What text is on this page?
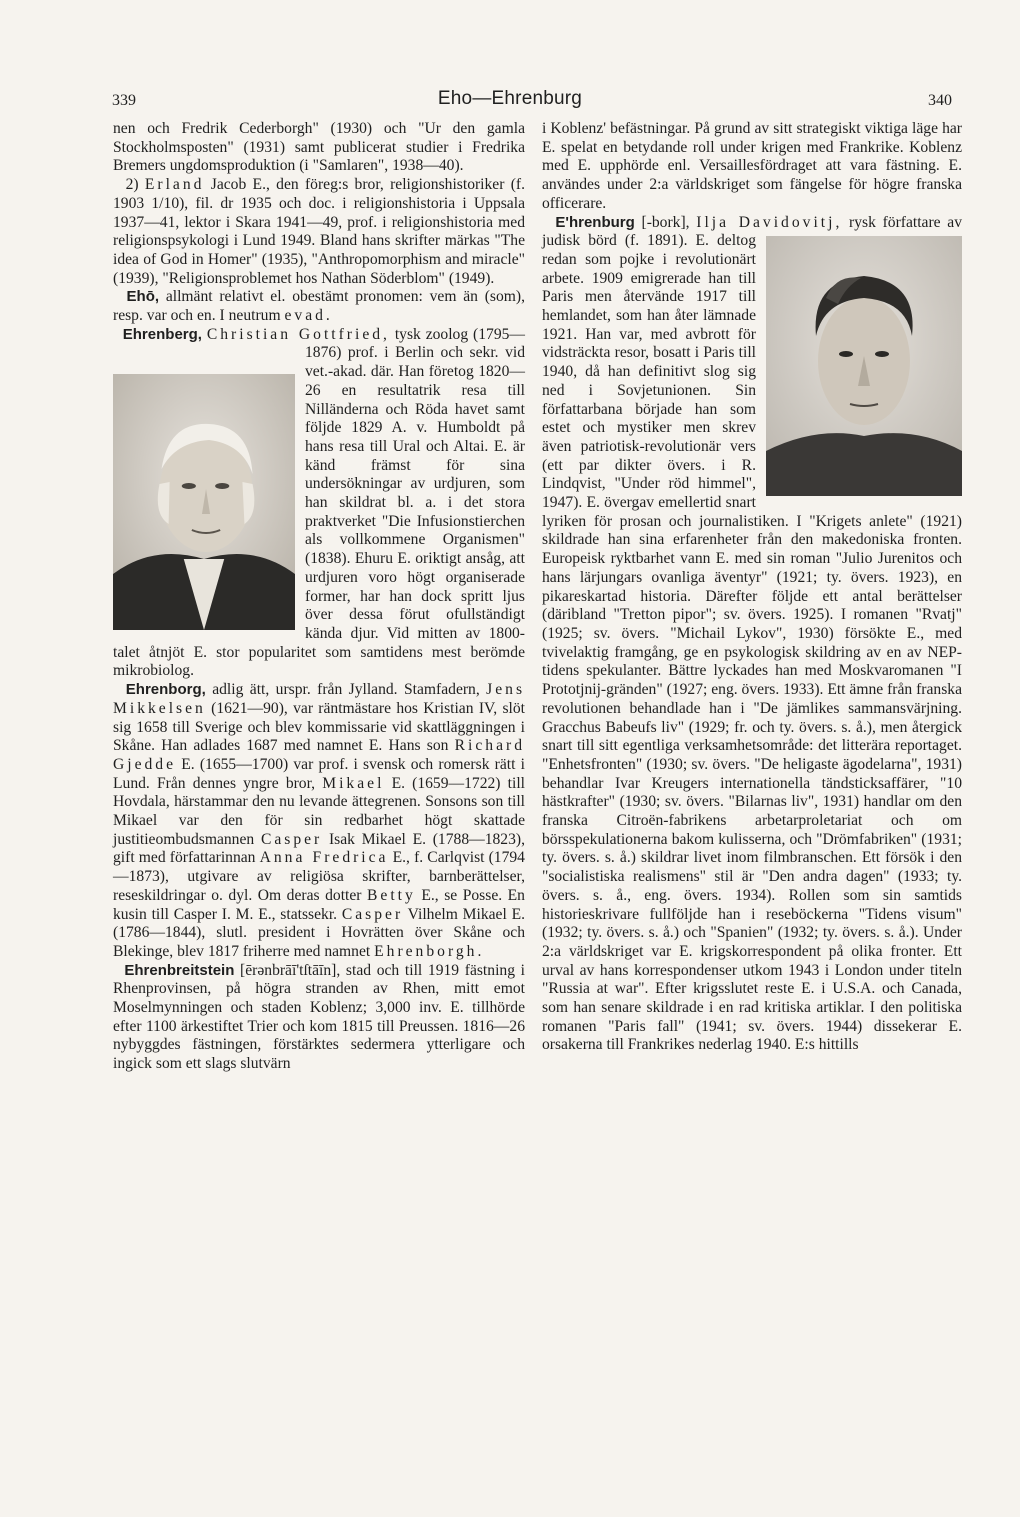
339	Eho—Ehrenburg	340

nen och Fredrik Cederborgh" (1930) och "Ur den gamla Stockholmsposten" (1931) samt publicerat studier i Fredrika Bremers ungdomsproduktion (i "Samlaren", 1938—40).

2) Erland Jacob E., den föreg:s bror, religionshistoriker (f. 1903 1/10), fil. dr 1935 och doc. i religionshistoria i Uppsala 1937—41, lektor i Skara 1941—49, prof. i religionshistoria med religionspsykologi i Lund 1949. Bland hans skrifter märkas "The idea of God in Homer" (1935), "Anthropomorphism and miracle" (1939), "Religionsproblemet hos Nathan Söderblom" (1949).

Ehō, allmänt relativt el. obestämt pronomen: vem än (som), resp. var och en. I neutrum evad.

Ehrenberg, Christian Gottfried, tysk zoolog (1795—1876) prof. i Berlin och sekr. vid vet.-akad. där. Han företog 1820—26 en resultatrik resa till Nilländerna och Röda havet samt följde 1829 A. v. Humboldt på hans resa till Ural och Altai. E. är känd främst för sina undersökningar av urdjuren, som han skildrat bl. a. i det stora praktverket "Die Infusionstierchen als vollkommene Organismen" (1838). Ehuru E. oriktigt ansåg, att urdjuren voro högt organiserade former, har han dock spritt ljus över dessa förut ofullständigt kända djur. Vid mitten av 1800-talet åtnjöt E. stor popularitet som samtidens mest berömde mikrobiolog.

Ehrenborg, adlig ätt, urspr. från Jylland. Stamfadern, Jens Mikkelsen (1621—90), var räntmästare hos Kristian IV, slöt sig 1658 till Sverige och blev kommissarie vid skattläggningen i Skåne. Han adlades 1687 med namnet E. Hans son Richard Gjedde E. (1655—1700) var prof. i svensk och romersk rätt i Lund. Från dennes yngre bror, Mikael E. (1659—1722) till Hovdala, härstammar den nu levande ättegrenen. Sonsons son till Mikael var den för sin redbarhet högt skattade justitieombudsmannen Casper Isak Mikael E. (1788—1823), gift med författarinnan Anna Fredrica E., f. Carlqvist (1794—1873), utgivare av religiösa skrifter, barnberättelser, reseskildringar o. dyl. Om deras dotter Betty E., se Posse. En kusin till Casper I. M. E., statssekr. Casper Vilhelm Mikael E. (1786—1844), slutl. president i Hovrätten över Skåne och Blekinge, blev 1817 friherre med namnet Ehrenborgh.

Ehrenbreitstein [ērənbrāī'tſtāīn], stad och till 1919 fästning i Rhenprovinsen, på högra stranden av Rhen, mitt emot Moselmynningen och staden Koblenz; 3,000 inv. E. tillhörde efter 1100 ärkestiftet Trier och kom 1815 till Preussen. 1816—26 nybyggdes fästningen, förstärktes sedermera ytterligare och ingick som ett slags slutvärn

i Koblenz' befästningar. På grund av sitt strategiskt viktiga läge har E. spelat en betydande roll under krigen med Frankrike. Koblenz med E. upphörde enl. Versaillesfördraget att vara fästning. E. användes under 2:a världskriget som fängelse för högre franska officerare.

E'hrenburg [-bork], Ilja Davidovitj, rysk författare av judisk börd (f. 1891). E. deltog redan som pojke i revolutionärt arbete. 1909 emigrerade han till Paris men återvände 1917 till hemlandet, som han åter lämnade 1921. Han var, med avbrott för vidsträckta resor, bosatt i Paris till 1940, då han definitivt slog sig ned i Sovjetunionen. Sin författarbana började han som estet och mystiker men skrev även patriotisk-revolutionär vers (ett par dikter övers. i R. Lindqvist, "Under röd himmel", 1947). E. övergav emellertid snart lyriken för prosan och journalistiken. I "Krigets anlete" (1921) skildrade han sina erfarenheter från den makedoniska fronten. Europeisk ryktbarhet vann E. med sin roman "Julio Jurenitos och hans lärjungars ovanliga äventyr" (1921; ty. övers. 1923), en pikareskartad historia. Därefter följde ett antal berättelser (däribland "Tretton pipor"; sv. övers. 1925). I romanen "Rvatj" (1925; sv. övers. "Michail Lykov", 1930) försökte E., med tvivelaktig framgång, ge en psykologisk skildring av en av NEP-tidens spekulanter. Bättre lyckades han med Moskvaromanen "I Prototjnij-gränden" (1927; eng. övers. 1933). Ett ämne från franska revolutionen behandlade han i "De jämlikes sammansvärjning. Gracchus Babeufs liv" (1929; fr. och ty. övers. s. å.), men återgick snart till sitt egentliga verksamhetsområde: det litterära reportaget. "Enhetsfronten" (1930; sv. övers. "De heligaste ägodelarna", 1931) behandlar Ivar Kreugers internationella tändsticksaffärer, "10 hästkrafter" (1930; sv. övers. "Bilarnas liv", 1931) handlar om den franska Citroën-fabrikens arbetarproletariat och om börsspekulationerna bakom kulisserna, och "Drömfabriken" (1931; ty. övers. s. å.) skildrar livet inom filmbranschen. Ett försök i den "socialistiska realismens" stil är "Den andra dagen" (1933; ty. övers. s. å., eng. övers. 1934). Rollen som sin samtids historieskrivare fullföljde han i reseböckerna "Tidens visum" (1932; ty. övers. s. å.) och "Spanien" (1932; ty. övers. s. å.). Under 2:a världskriget var E. krigskorrespondent på olika fronter. Ett urval av hans korrespondenser utkom 1943 i London under titeln "Russia at war". Efter krigsslutet reste E. i U.S.A. och Canada, som han senare skildrade i en rad kritiska artiklar. I den politiska romanen "Paris fall" (1941; sv. övers. 1944) dissekerar E. orsakerna till Frankrikes nederlag 1940. E:s hittills
